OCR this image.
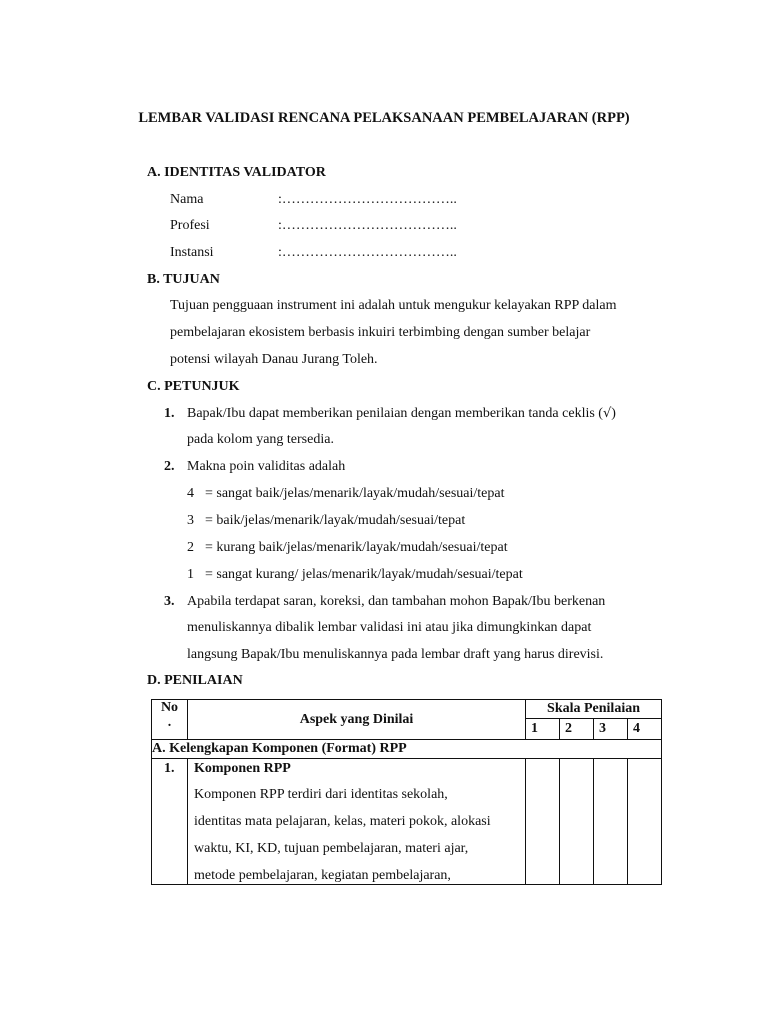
LEMBAR VALIDASI RENCANA PELAKSANAAN PEMBELAJARAN (RPP)
A. IDENTITAS VALIDATOR
Nama	:………………………………..
Profesi	:………………………………..
Instansi	:………………………………..
B. TUJUAN
Tujuan pengguaan instrument ini adalah untuk mengukur kelayakan RPP dalam
pembelajaran ekosistem berbasis inkuiri terbimbing dengan sumber belajar
potensi wilayah Danau Jurang Toleh.
C. PETUNJUK
1. Bapak/Ibu dapat memberikan penilaian dengan memberikan tanda ceklis (√)
pada kolom yang tersedia.
2. Makna poin validitas adalah
4 = sangat baik/jelas/menarik/layak/mudah/sesuai/tepat
3 = baik/jelas/menarik/layak/mudah/sesuai/tepat
2 = kurang baik/jelas/menarik/layak/mudah/sesuai/tepat
1 = sangat kurang/ jelas/menarik/layak/mudah/sesuai/tepat
3. Apabila terdapat saran, koreksi, dan tambahan mohon Bapak/Ibu berkenan
menuliskannya dibalik lembar validasi ini atau jika dimungkinkan dapat
langsung Bapak/Ibu menuliskannya pada lembar draft yang harus direvisi.
D. PENILAIAN
No
.	Aspek yang Dinilai	Skala Penilaian			
		1	2	3	4
A. Kelengkapan Komponen (Format) RPP					
1.	Komponen RPP
Komponen RPP terdiri dari identitas sekolah,
identitas mata pelajaran, kelas, materi pokok, alokasi
waktu, KI, KD, tujuan pembelajaran, materi ajar,
metode pembelajaran, kegiatan pembelajaran,				
